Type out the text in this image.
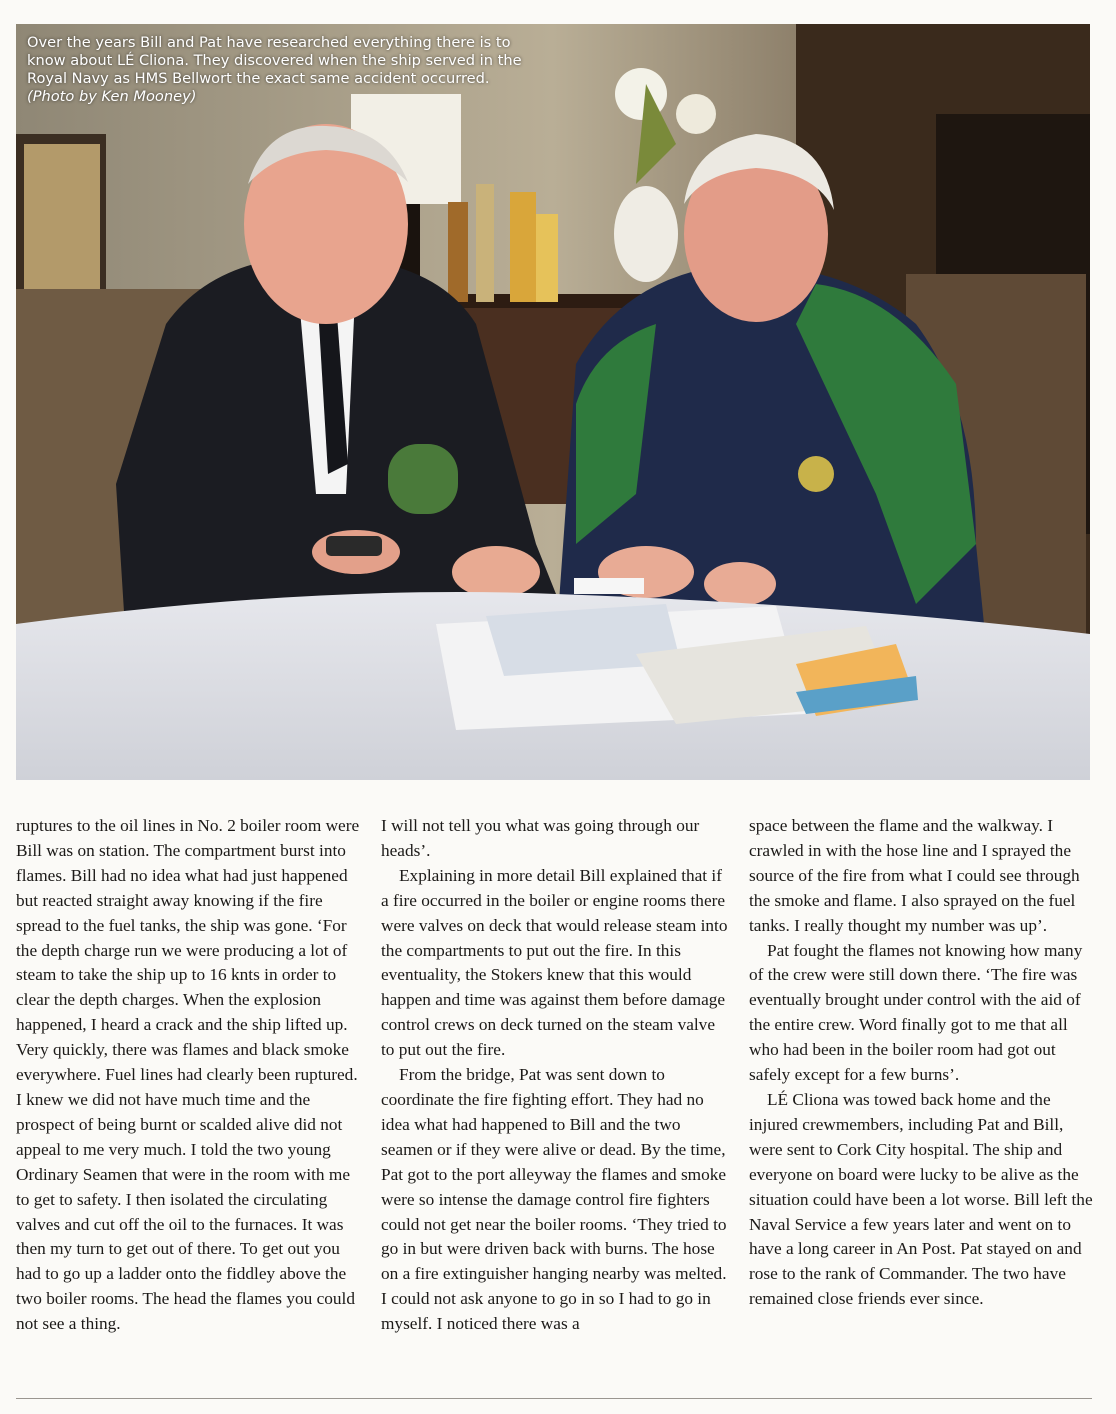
Over the years Bill and Pat have researched everything there is to
know about LÉ Cliona. They discovered when the ship served in the
Royal Navy as HMS Bellwort the exact same accident occurred.
(Photo by Ken Mooney)

ruptures to the oil lines in No. 2 boiler room were Bill was on station. The compartment burst into flames. Bill had no idea what had just happened but reacted straight away knowing if the fire spread to the fuel tanks, the ship was gone. ‘For the depth charge run we were producing a lot of steam to take the ship up to 16 knts in order to clear the depth charges. When the explosion happened, I heard a crack and the ship lifted up. Very quickly, there was flames and black smoke everywhere. Fuel lines had clearly been ruptured. I knew we did not have much time and the prospect of being burnt or scalded alive did not appeal to me very much. I told the two young Ordinary Seamen that were in the room with me to get to safety. I then isolated the circulating valves and cut off the oil to the furnaces. It was then my turn to get out of there. To get out you had to go up a ladder onto the fiddley above the two boiler rooms. The head the flames you could not see a thing.

I will not tell you what was going through our heads’.

Explaining in more detail Bill explained that if a fire occurred in the boiler or engine rooms there were valves on deck that would release steam into the compartments to put out the fire. In this eventuality, the Stokers knew that this would happen and time was against them before damage control crews on deck turned on the steam valve to put out the fire.

From the bridge, Pat was sent down to coordinate the fire fighting effort. They had no idea what had happened to Bill and the two seamen or if they were alive or dead. By the time, Pat got to the port alleyway the flames and smoke were so intense the damage control fire fighters could not get near the boiler rooms. ‘They tried to go in but were driven back with burns. The hose on a fire extinguisher hanging nearby was melted. I could not ask anyone to go in so I had to go in myself. I noticed there was a

space between the flame and the walkway. I crawled in with the hose line and I sprayed the source of the fire from what I could see through the smoke and flame. I also sprayed on the fuel tanks. I really thought my number was up’.

Pat fought the flames not knowing how many of the crew were still down there. ‘The fire was eventually brought under control with the aid of the entire crew. Word finally got to me that all who had been in the boiler room had got out safely except for a few burns’.

LÉ Cliona was towed back home and the injured crewmembers, including Pat and Bill, were sent to Cork City hospital. The ship and everyone on board were lucky to be alive as the situation could have been a lot worse. Bill left the Naval Service a few years later and went on to have a long career in An Post. Pat stayed on and rose to the rank of Commander. The two have remained close friends ever since.
